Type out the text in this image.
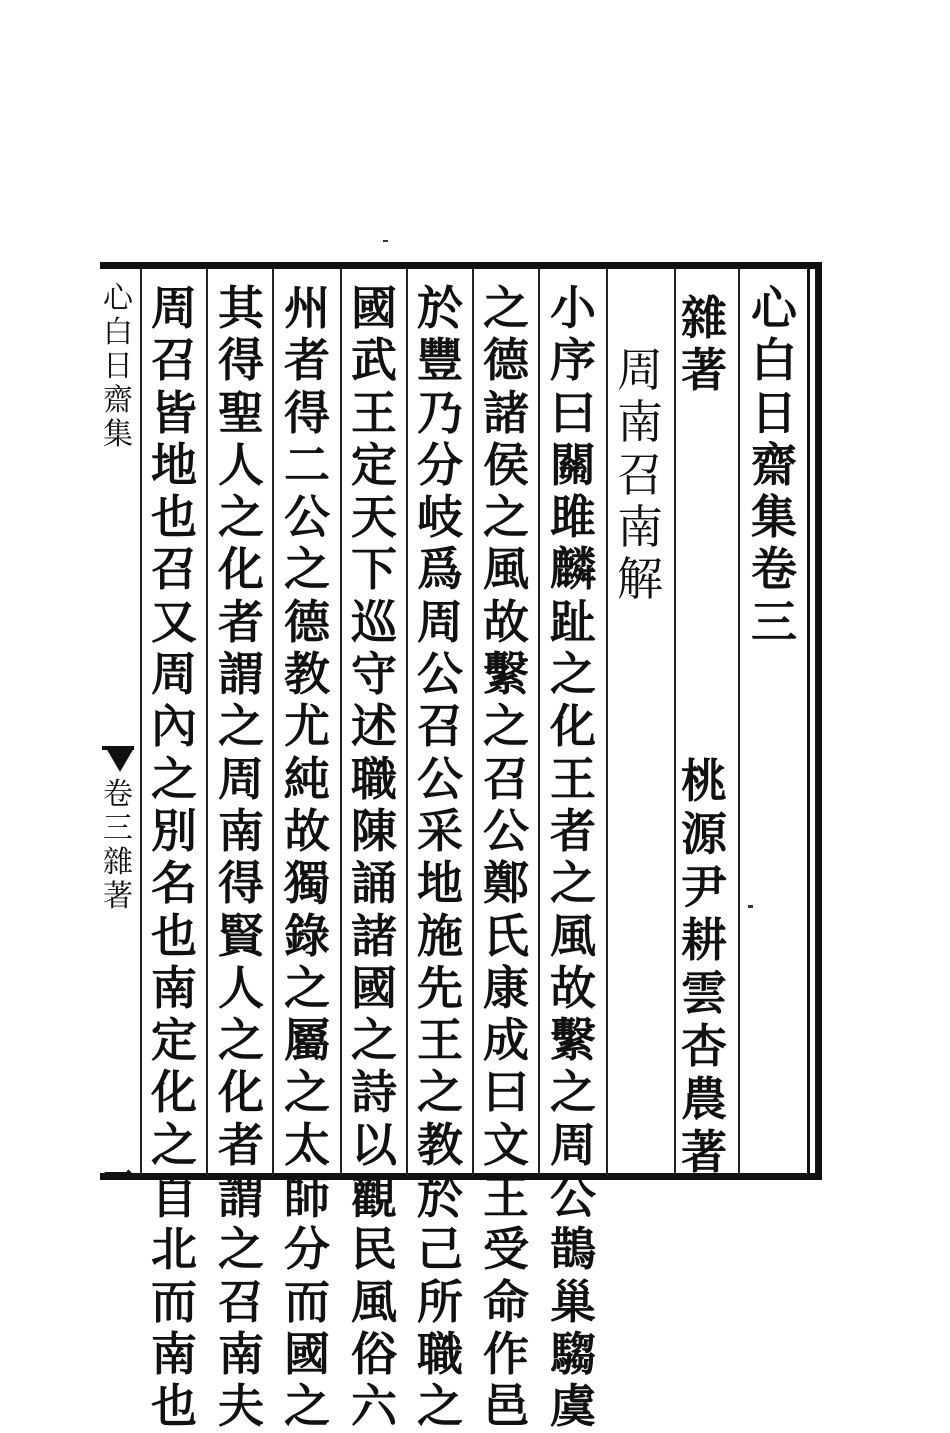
心白日齋集卷三
雜著
桃源尹耕雲杏農著
周南召南解
小序曰關雎麟趾之化王者之風故繫之周公鵲巢騶虞
之德諸侯之風故繫之召公鄭氏康成曰文王受命作邑
於豐乃分岐爲周公召公采地施先王之教於己所職之
國武王定天下巡守述職陳誦諸國之詩以觀民風俗六
州者得二公之德教尤純故獨錄之屬之太師分而國之
其得聖人之化者謂之周南得賢人之化者謂之召南夫
周召皆地也召又周內之別名也南定化之自北而南也
心白日齋集
卷三雜著
一
